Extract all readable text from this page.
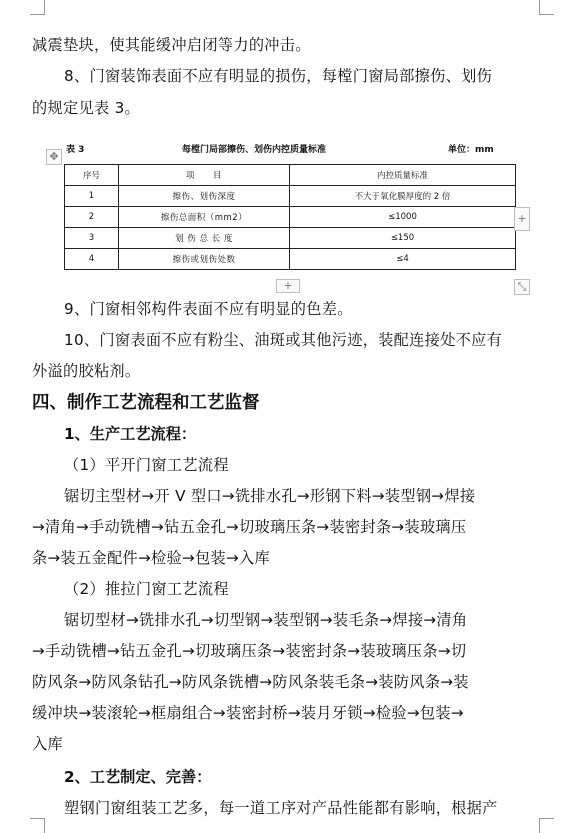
减震垫块，使其能缓冲启闭等力的冲击。
8、门窗装饰表面不应有明显的损伤，每樘门窗局部擦伤、划伤
的规定见表 3。
表 3	每樘门局部擦伤、划伤内控质量标准	单位：mm
✥
序号	项　　目	内控质量标准
1	擦伤、划伤深度	不大于氧化膜厚度的 2 倍
2	擦伤总面积（mm2）	≤1000
3	划 伤 总 长 度	≤150
4	擦伤或划伤处数	≤4
+
+	⤡
9、门窗相邻构件表面不应有明显的色差。
10、门窗表面不应有粉尘、油斑或其他污迹，装配连接处不应有
外溢的胶粘剂。
四、制作工艺流程和工艺监督
1、生产工艺流程：
（1）平开门窗工艺流程
锯切主型材→开 V 型口→铣排水孔→形钢下料→装型钢→焊接
→清角→手动铣槽→钻五金孔→切玻璃压条→装密封条→装玻璃压
条→装五金配件→检验→包装→入库
（2）推拉门窗工艺流程
锯切型材→铣排水孔→切型钢→装型钢→装毛条→焊接→清角
→手动铣槽→钻五金孔→切玻璃压条→装密封条→装玻璃压条→切
防风条→防风条钻孔→防风条铣槽→防风条装毛条→装防风条→装
缓冲块→装滚轮→框扇组合→装密封桥→装月牙锁→检验→包装→
入库
2、工艺制定、完善：
塑钢门窗组装工艺多，每一道工序对产品性能都有影响，根据产
